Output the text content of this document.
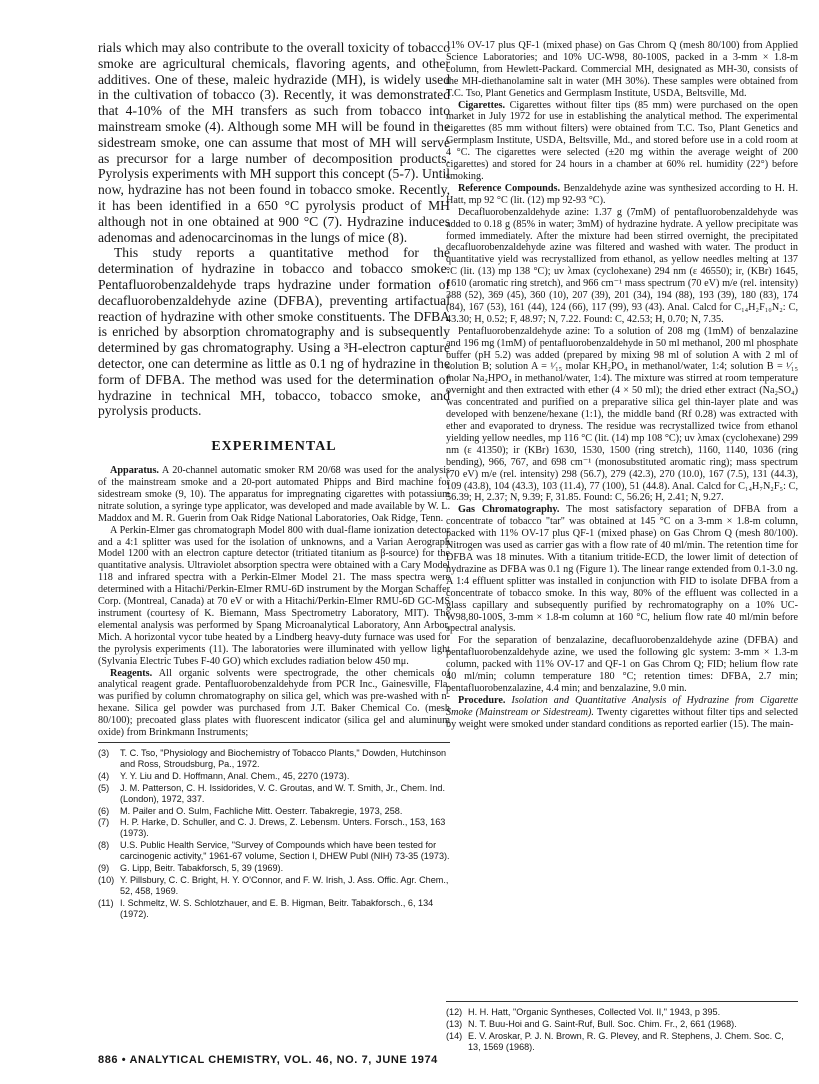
rials which may also contribute to the overall toxicity of tobacco smoke are agricultural chemicals, flavoring agents, and other additives. One of these, maleic hydrazide (MH), is widely used in the cultivation of tobacco (3). Recently, it was demonstrated that 4-10% of the MH transfers as such from tobacco into mainstream smoke (4). Although some MH will be found in the sidestream smoke, one can assume that most of MH will serve as precursor for a large number of decomposition products. Pyrolysis experiments with MH support this concept (5-7). Until now, hydrazine has not been found in tobacco smoke. Recently, it has been identified in a 650 °C pyrolysis product of MH although not in one obtained at 900 °C (7). Hydrazine induces adenomas and adenocarcinomas in the lungs of mice (8).

This study reports a quantitative method for the determination of hydrazine in tobacco and tobacco smoke. Pentafluorobenzaldehyde traps hydrazine under formation of decafluorobenzaldehyde azine (DFBA), preventing artifactual reaction of hydrazine with other smoke constituents. The DFBA is enriched by absorption chromatography and is subsequently determined by gas chromatography. Using a ³H-electron capture detector, one can determine as little as 0.1 ng of hydrazine in the form of DFBA. The method was used for the determination of hydrazine in technical MH, tobacco, tobacco smoke, and pyrolysis products.

EXPERIMENTAL

Apparatus. A 20-channel automatic smoker RM 20/68 was used for the analysis of the mainstream smoke and a 20-port automated Phipps and Bird machine for sidestream smoke (9, 10). The apparatus for impregnating cigarettes with potassium nitrate solution, a syringe type applicator, was developed and made available by W. L. Maddox and M. R. Guerin from Oak Ridge National Laboratories, Oak Ridge, Tenn.

A Perkin-Elmer gas chromatograph Model 800 with dual-flame ionization detector and a 4:1 splitter was used for the isolation of unknowns, and a Varian Aerograph Model 1200 with an electron capture detector (tritiated titanium as β-source) for the quantitative analysis. Ultraviolet absorption spectra were obtained with a Cary Model 118 and infrared spectra with a Perkin-Elmer Model 21. The mass spectra were determined with a Hitachi/Perkin-Elmer RMU-6D instrument by the Morgan Schaffer Corp. (Montreal, Canada) at 70 eV or with a Hitachi/Perkin-Elmer RMU-6D GC-MS instrument (courtesy of K. Biemann, Mass Spectrometry Laboratory, MIT). The elemental analysis was performed by Spang Microanalytical Laboratory, Ann Arbor, Mich. A horizontal vycor tube heated by a Lindberg heavy-duty furnace was used for the pyrolysis experiments (11). The laboratories were illuminated with yellow light (Sylvania Electric Tubes F-40 GO) which excludes radiation below 450 mμ.

Reagents. All organic solvents were spectrograde, the other chemicals of analytical reagent grade. Pentafluorobenzaldehyde from PCR Inc., Gainesville, Fla. was purified by column chromatography on silica gel, which was pre-washed with n-hexane. Silica gel powder was purchased from J.T. Baker Chemical Co. (mesh 80/100); precoated glass plates with fluorescent indicator (silica gel and aluminum oxide) from Brinkmann Instruments;

(3)	T. C. Tso, "Physiology and Biochemistry of Tobacco Plants," Dowden, Hutchinson and Ross, Stroudsburg, Pa., 1972.
(4)	Y. Y. Liu and D. Hoffmann, Anal. Chem., 45, 2270 (1973).
(5)	J. M. Patterson, C. H. Issidorides, V. C. Groutas, and W. T. Smith, Jr., Chem. Ind. (London), 1972, 337.
(6)	M. Pailer and O. Sulm, Fachliche Mitt. Oesterr. Tabakregie, 1973, 258.
(7)	H. P. Harke, D. Schuller, and C. J. Drews, Z. Lebensm. Unters. Forsch., 153, 163 (1973).
(8)	U.S. Public Health Service, "Survey of Compounds which have been tested for carcinogenic activity," 1961-67 volume, Section I, DHEW Publ (NIH) 73-35 (1973).
(9)	G. Lipp, Beitr. Tabakforsch, 5, 39 (1969).
(10) Y. Pillsbury, C. C. Bright, H. Y. O'Connor, and F. W. Irish, J. Ass. Offic. Agr. Chem., 52, 458, 1969.
(11) I. Schmeltz, W. S. Schlotzhauer, and E. B. Higman, Beitr. Tabakforsch., 6, 134 (1972).

11% OV-17 plus QF-1 (mixed phase) on Gas Chrom Q (mesh 80/100) from Applied Science Laboratories; and 10% UC-W98, 80-100S, packed in a 3-mm × 1.8-m column, from Hewlett-Packard. Commercial MH, designated as MH-30, consists of the MH-diethanolamine salt in water (MH 30%). These samples were obtained from T.C. Tso, Plant Genetics and Germplasm Institute, USDA, Beltsville, Md.

Cigarettes. Cigarettes without filter tips (85 mm) were purchased on the open market in July 1972 for use in establishing the analytical method. The experimental cigarettes (85 mm without filters) were obtained from T.C. Tso, Plant Genetics and Germplasm Institute, USDA, Beltsville, Md., and stored before use in a cold room at 4 °C. The cigarettes were selected (±20 mg within the average weight of 200 cigarettes) and stored for 24 hours in a chamber at 60% rel. humidity (22°) before smoking.

Reference Compounds. Benzaldehyde azine was synthesized according to H. H. Hatt, mp 92 °C (lit. (12) mp 92-93 °C).

Decafluorobenzaldehyde azine: 1.37 g (7mM) of pentafluorobenzaldehyde was added to 0.18 g (85% in water; 3mM) of hydrazine hydrate. A yellow precipitate was formed immediately. After the mixture had been stirred overnight, the precipitated decafluorobenzaldehyde azine was filtered and washed with water. The product in quantitative yield was recrystallized from ethanol, as yellow needles melting at 137 °C (lit. (13) mp 138 °C); uv λmax (cyclohexane) 294 nm (ε 46550); ir, (KBr) 1645, 1610 (aromatic ring stretch), and 966 cm⁻¹ mass spectrum (70 eV) m/e (rel. intensity) 388 (52), 369 (45), 360 (10), 207 (39), 201 (34), 194 (88), 193 (39), 180 (83), 174 (84), 167 (53), 161 (44), 124 (66), 117 (99), 93 (43). Anal. Calcd for C₁₄H₂F₁₀N₂: C, 43.30; H, 0.52; F, 48.97; N, 7.22. Found: C, 42.53; H, 0.70; N, 7.35.

Pentafluorobenzaldehyde azine: To a solution of 208 mg (1mM) of benzalazine and 196 mg (1mM) of pentafluorobenzaldehyde in 50 ml methanol, 200 ml phosphate buffer (pH 5.2) was added (prepared by mixing 98 ml of solution A with 2 ml of solution B; solution A = ¹⁄₁₅ molar KH₂PO₄ in methanol/water, 1:4; solution B = ¹⁄₁₅ molar Na₂HPO₄ in methanol/water, 1:4). The mixture was stirred at room temperature overnight and then extracted with ether (4 × 50 ml); the dried ether extract (Na₂SO₄) was concentrated and purified on a preparative silica gel thin-layer plate and was developed with benzene/hexane (1:1), the middle band (Rf 0.28) was extracted with ether and evaporated to dryness. The residue was recrystallized twice from ethanol yielding yellow needles, mp 116 °C (lit. (14) mp 108 °C); uv λmax (cyclohexane) 299 nm (ε 41350); ir (KBr) 1630, 1530, 1500 (ring stretch), 1160, 1140, 1036 (ring bending), 966, 767, and 698 cm⁻¹ (monosubstituted aromatic ring); mass spectrum (70 eV) m/e (rel. intensity) 298 (56.7), 279 (42.3), 270 (10.0), 167 (7.5), 131 (44.3), 109 (43.8), 104 (43.3), 103 (11.4), 77 (100), 51 (44.8). Anal. Calcd for C₁₄H₇N₂F₅: C, 56.39; H, 2.37; N, 9.39; F, 31.85. Found: C, 56.26; H, 2.41; N, 9.27.

Gas Chromatography. The most satisfactory separation of DFBA from a concentrate of tobacco "tar" was obtained at 145 °C on a 3-mm × 1.8-m column, packed with 11% OV-17 plus QF-1 (mixed phase) on Gas Chrom Q (mesh 80/100). Nitrogen was used as carrier gas with a flow rate of 40 ml/min. The retention time for DFBA was 18 minutes. With a titanium tritide-ECD, the lower limit of detection of hydrazine as DFBA was 0.1 ng (Figure 1). The linear range extended from 0.1-3.0 ng. A 1:4 effluent splitter was installed in conjunction with FID to isolate DFBA from a concentrate of tobacco smoke. In this way, 80% of the effluent was collected in a glass capillary and subsequently purified by rechromatography on a 10% UC-W98,80-100S, 3-mm × 1.8-m column at 160 °C, helium flow rate 40 ml/min before spectral analysis.

For the separation of benzalazine, decafluorobenzaldehyde azine (DFBA) and pentafluorobenzaldehyde azine, we used the following glc system: 3-mm × 1.3-m column, packed with 11% OV-17 and QF-1 on Gas Chrom Q; FID; helium flow rate 40 ml/min; column temperature 180 °C; retention times: DFBA, 2.7 min; pentafluorobenzalazine, 4.4 min; and benzalazine, 9.0 min.

Procedure. Isolation and Quantitative Analysis of Hydrazine from Cigarette Smoke (Mainstream or Sidestream). Twenty cigarettes without filter tips and selected by weight were smoked under standard conditions as reported earlier (15). The main-

(12) H. H. Hatt, "Organic Syntheses, Collected Vol. II," 1943, p 395.
(13) N. T. Buu-Hoi and G. Saint-Ruf, Bull. Soc. Chim. Fr., 2, 661 (1968).
(14) E. V. Aroskar, P. J. N. Brown, R. G. Plevey, and R. Stephens, J. Chem. Soc. C, 13, 1569 (1968).
886 • ANALYTICAL CHEMISTRY, VOL. 46, NO. 7, JUNE 1974
